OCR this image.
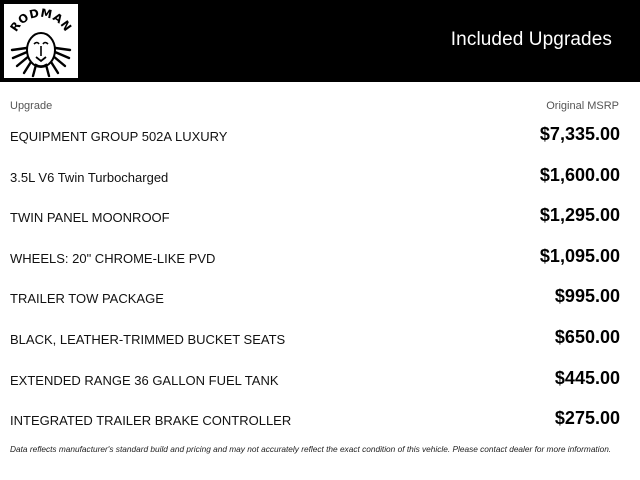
RODMAN
Included Upgrades
Upgrade	Original MSRP
EQUIPMENT GROUP 502A LUXURY	$7,335.00
3.5L V6 Twin Turbocharged	$1,600.00
TWIN PANEL MOONROOF	$1,295.00
WHEELS: 20" CHROME-LIKE PVD	$1,095.00
TRAILER TOW PACKAGE	$995.00
BLACK, LEATHER-TRIMMED BUCKET SEATS	$650.00
EXTENDED RANGE 36 GALLON FUEL TANK	$445.00
INTEGRATED TRAILER BRAKE CONTROLLER	$275.00
Data reflects manufacturer's standard build and pricing and may not accurately reflect the exact condition of this vehicle. Please contact dealer for more information.
